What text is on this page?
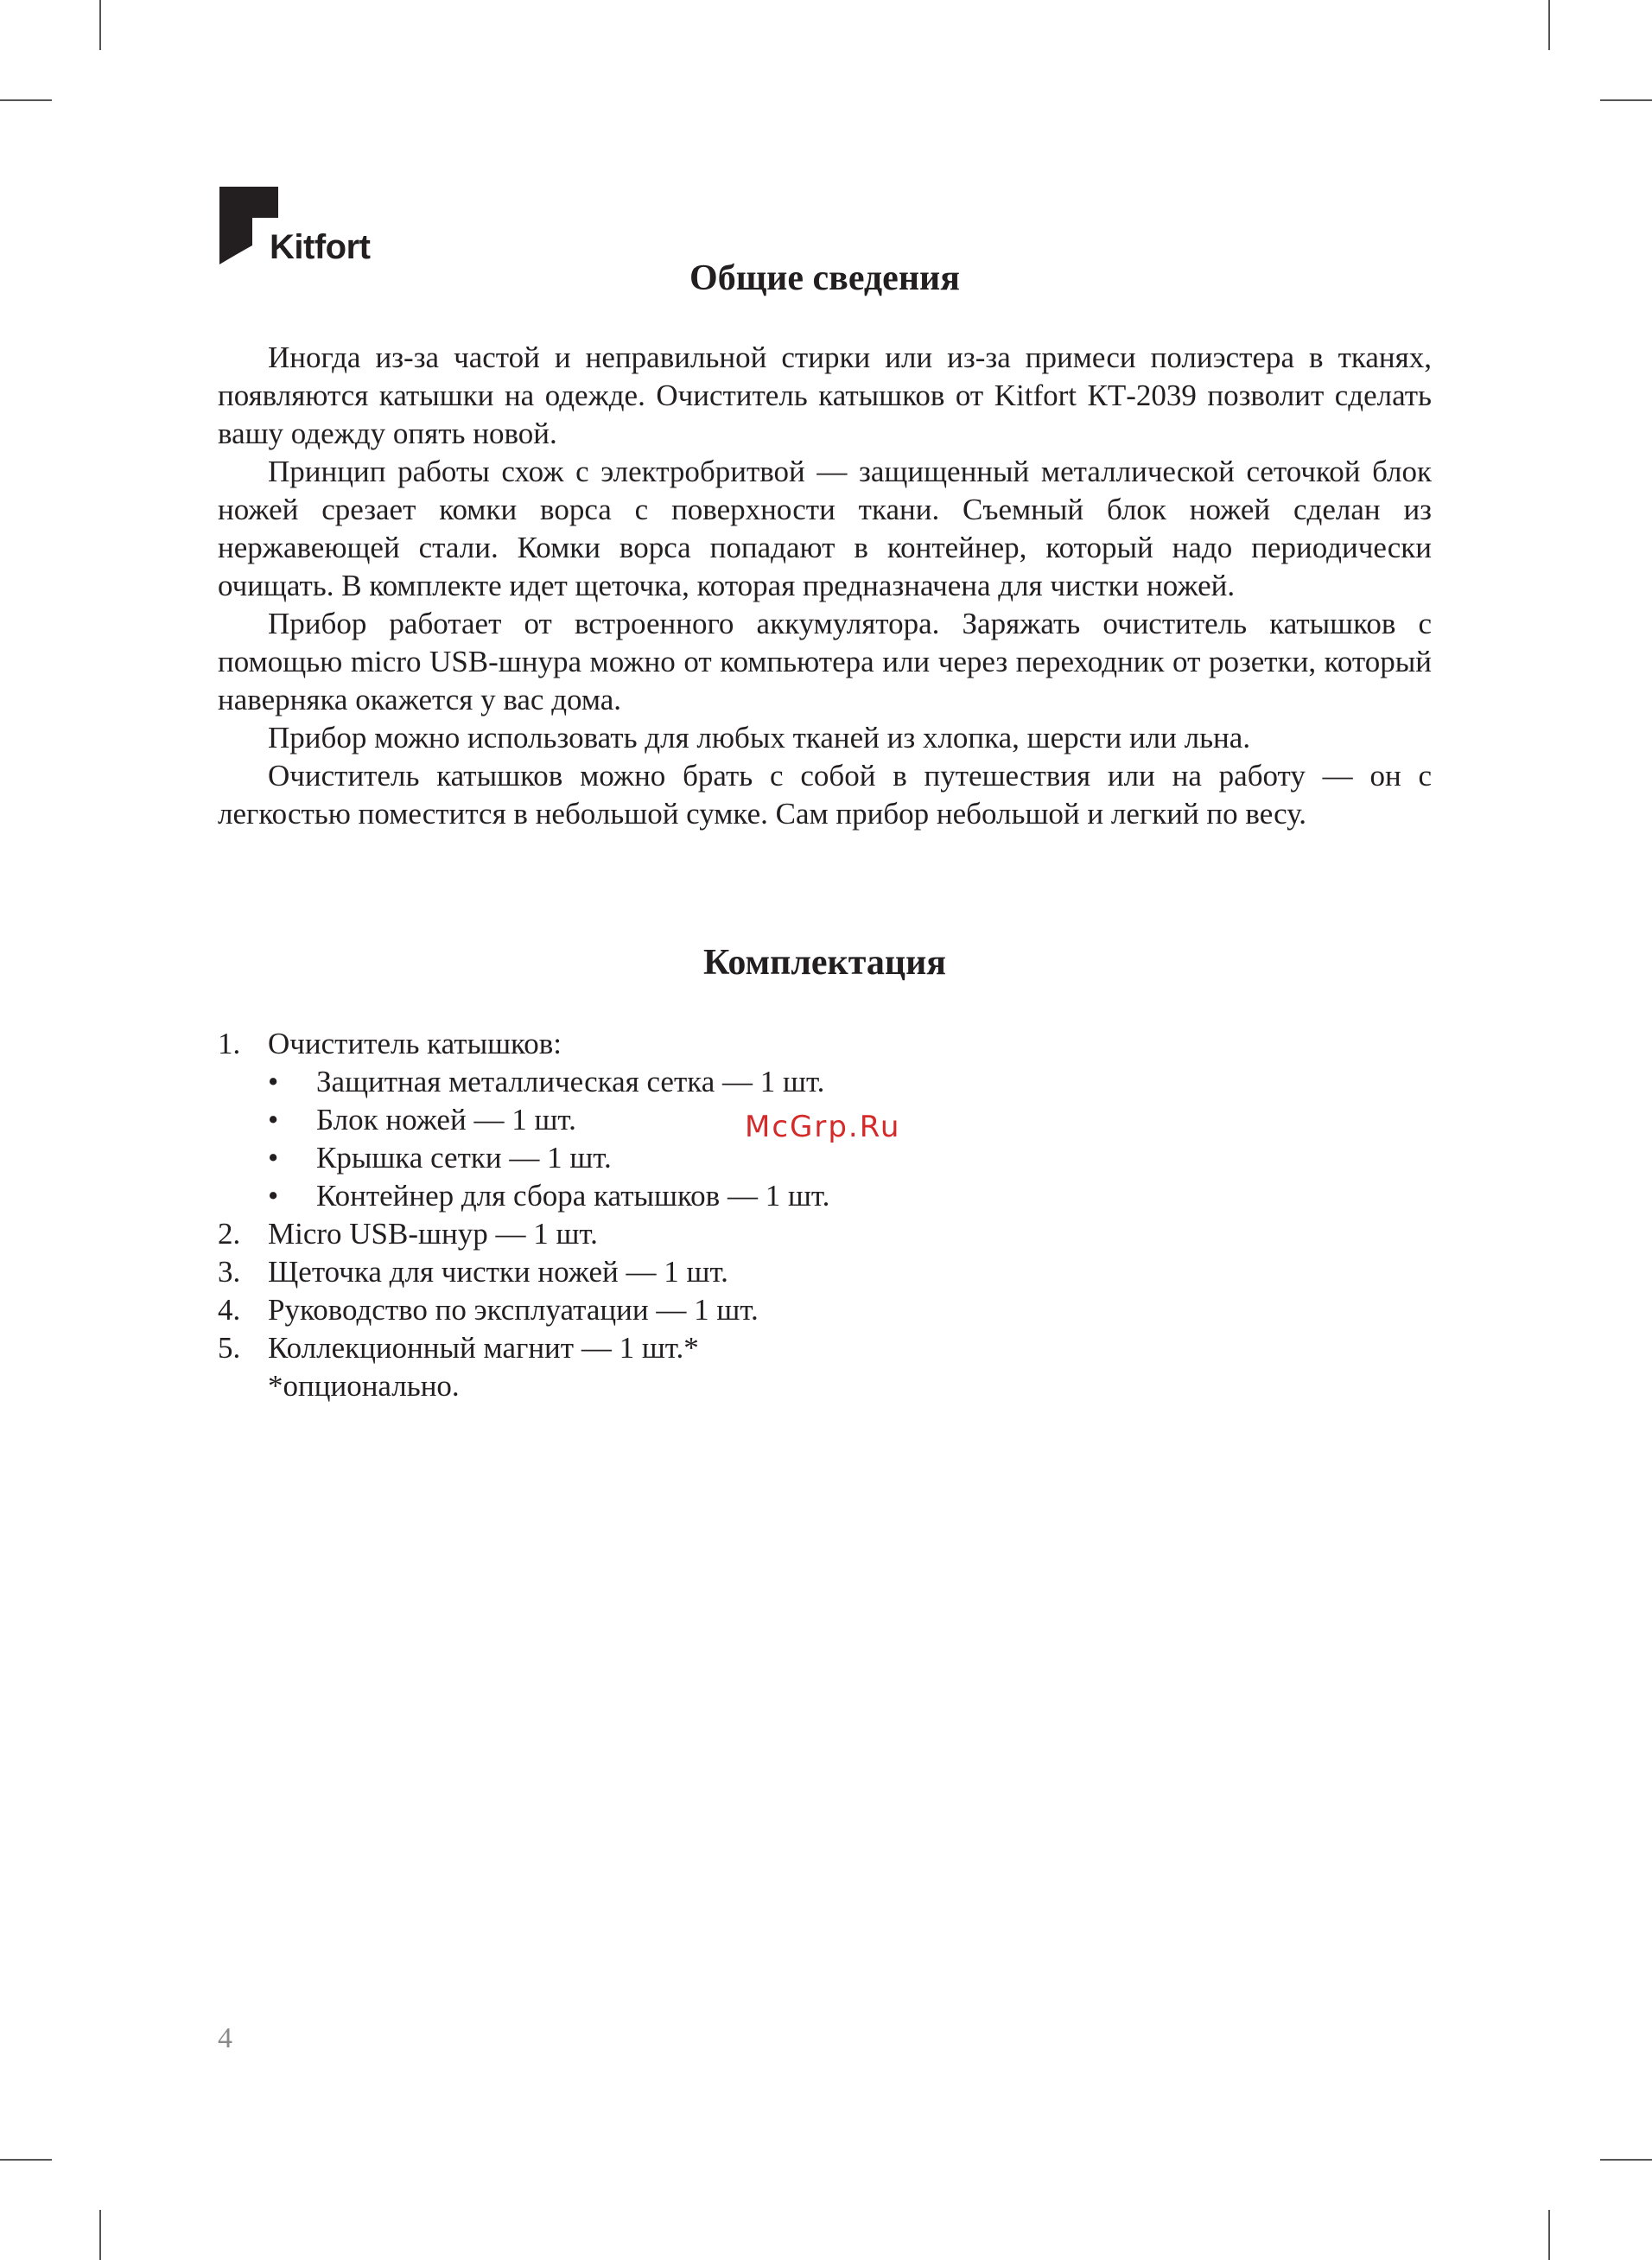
Kitfort
Общие сведения

Иногда из-за частой и неправильной стирки или из-за примеси полиэстера в тканях, появляются катышки на одежде. Очиститель катышков от Kitfort КТ-2039 позволит сделать вашу одежду опять новой.

Принцип работы схож с электробритвой — защищенный металлической сеточкой блок ножей срезает комки ворса с поверхности ткани. Съемный блок ножей сделан из нержавеющей стали. Комки ворса попадают в контейнер, который надо периодически очищать. В комплекте идет щеточка, которая предназначена для чистки ножей.

Прибор работает от встроенного аккумулятора. Заряжать очиститель катышков с помощью micro USB-шнура можно от компьютера или через переходник от розетки, который наверняка окажется у вас дома.

Прибор можно использовать для любых тканей из хлопка, шерсти или льна.

Очиститель катышков можно брать с собой в путешествия или на работу — он с легкостью поместится в небольшой сумке. Сам прибор небольшой и легкий по весу.

Комплектация
1. Очиститель катышков:
• Защитная металлическая сетка — 1 шт.
• Блок ножей — 1 шт.
• Крышка сетки — 1 шт.
• Контейнер для сбора катышков — 1 шт.
2. Micro USB-шнур — 1 шт.
3. Щеточка для чистки ножей — 1 шт.
4. Руководство по эксплуатации — 1 шт.
5. Коллекционный магнит — 1 шт.*
*опционально.
McGrp.Ru
4
